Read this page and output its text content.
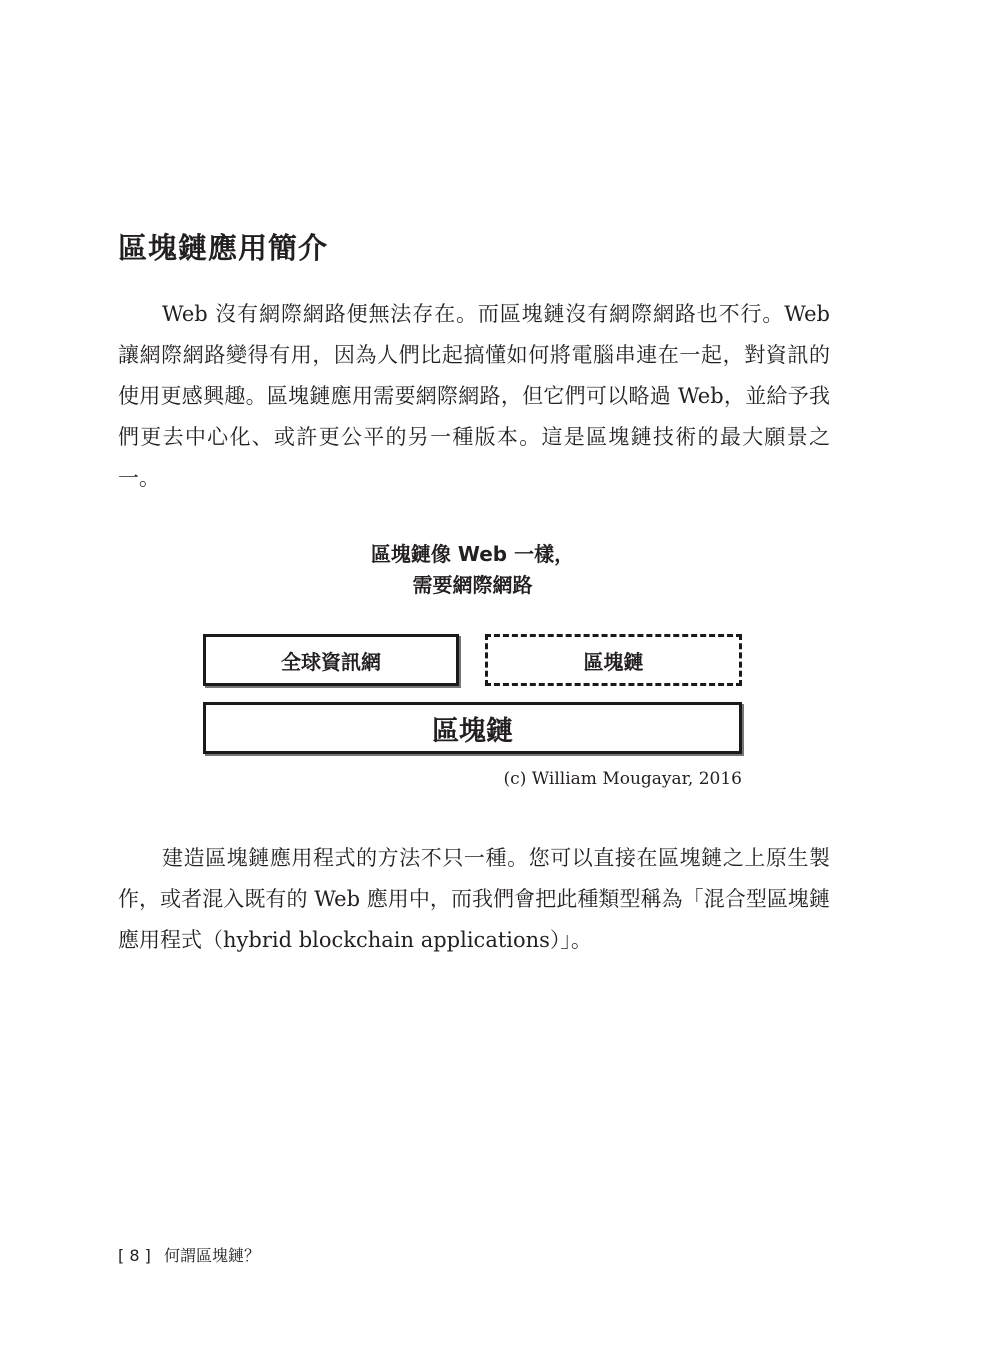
區塊鏈應用簡介

Web 沒有網際網路便無法存在。而區塊鏈沒有網際網路也不行。Web 讓網際網路變得有用，因為人們比起搞懂如何將電腦串連在一起，對資訊的使用更感興趣。區塊鏈應用需要網際網路，但它們可以略過 Web，並給予我們更去中心化、或許更公平的另一種版本。這是區塊鏈技術的最大願景之一。

區塊鏈像 Web 一樣，
需要網際網路
全球資訊網	區塊鏈
區塊鏈
(c) William Mougayar, 2016

建造區塊鏈應用程式的方法不只一種。您可以直接在區塊鏈之上原生製作，或者混入既有的 Web 應用中，而我們會把此種類型稱為「混合型區塊鏈應用程式（hybrid blockchain applications）」。

[ 8 ] 何謂區塊鏈？
